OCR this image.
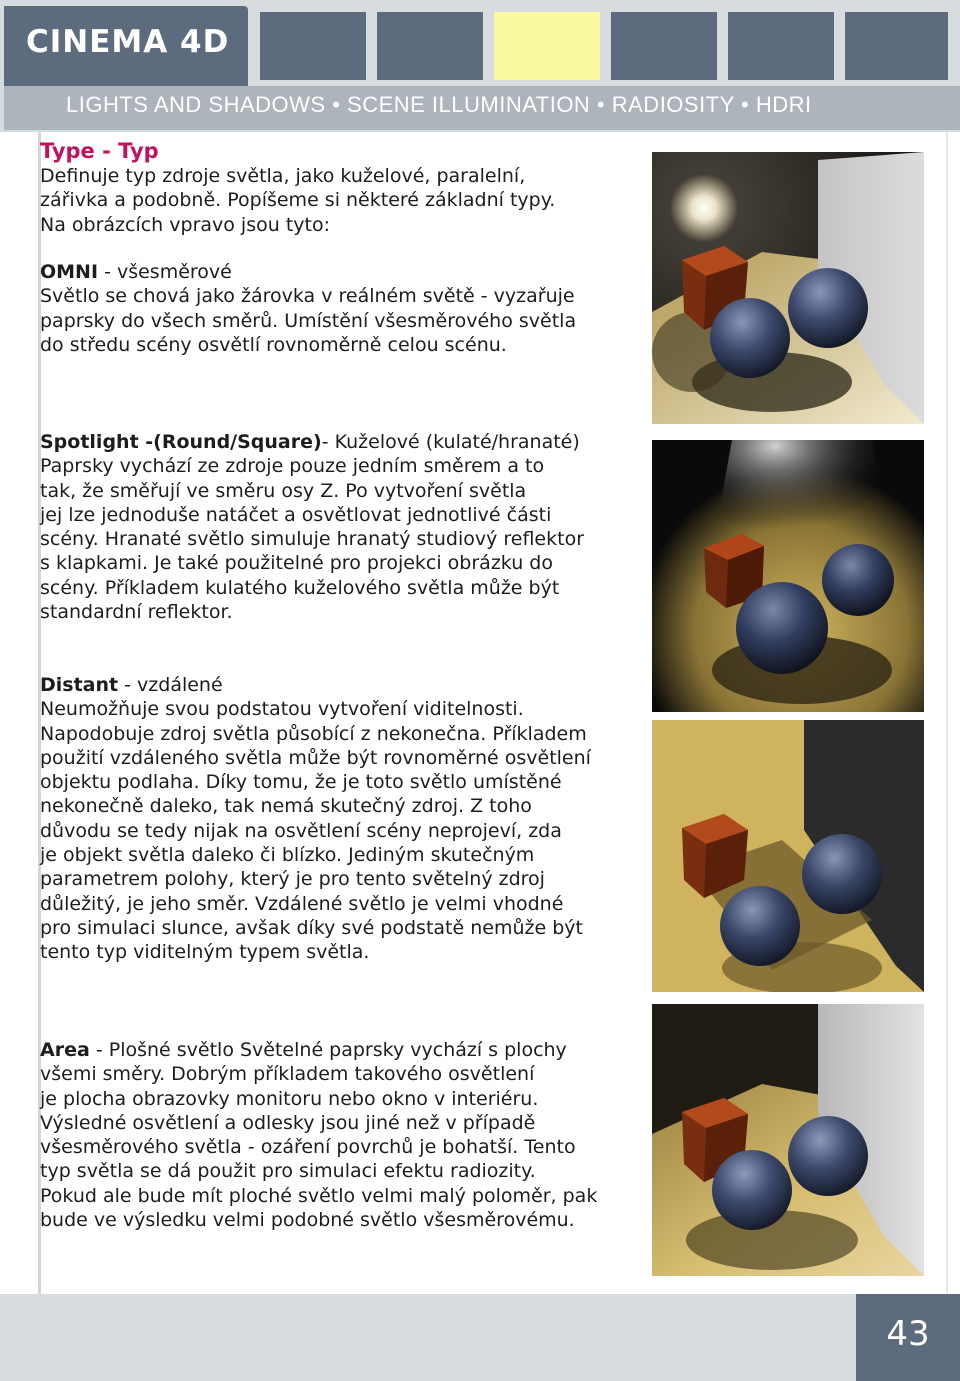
CINEMA 4D
LIGHTS AND SHADOWS • SCENE ILLUMINATION • RADIOSITY • HDRI

Type - Typ

Definuje typ zdroje světla, jako kuželové, paralelní,

zářivka a podobně. Popíšeme si některé základní typy.

Na obrázcích vpravo jsou tyto:

OMNI - všesměrové

Světlo se chová jako žárovka v reálném světě - vyzařuje

paprsky do všech směrů. Umístění všesměrového světla

do středu scény osvětlí rovnoměrně celou scénu.

Spotlight -(Round/Square)- Kuželové (kulaté/hranaté)

Paprsky vychází ze zdroje pouze jedním směrem a to

tak, že směřují ve směru osy Z. Po vytvoření světla

jej lze jednoduše natáčet a osvětlovat jednotlivé části

scény. Hranaté světlo simuluje hranatý studiový reflektor

s klapkami. Je také použitelné pro projekci obrázku do

scény. Příkladem kulatého kuželového světla může být

standardní reflektor.

Distant - vzdálené

Neumožňuje svou podstatou vytvoření viditelnosti.

Napodobuje zdroj světla působící z nekonečna. Příkladem

použití vzdáleného světla může být rovnoměrné osvětlení

objektu podlaha. Díky tomu, že je toto světlo umístěné

nekonečně daleko, tak nemá skutečný zdroj. Z toho

důvodu se tedy nijak na osvětlení scény neprojeví, zda

je objekt světla daleko či blízko. Jediným skutečným

parametrem polohy, který je pro tento světelný zdroj

důležitý, je jeho směr. Vzdálené světlo je velmi vhodné

pro simulaci slunce, avšak díky své podstatě nemůže být

tento typ viditelným typem světla.

Area - Plošné světlo Světelné paprsky vychází s plochy

všemi směry. Dobrým příkladem takového osvětlení

je plocha obrazovky monitoru nebo okno v interiéru.

Výsledné osvětlení a odlesky jsou jiné než v případě

všesměrového světla - ozáření povrchů je bohatší. Tento

typ světla se dá použit pro simulaci efektu radiozity.

Pokud ale bude mít ploché světlo velmi malý poloměr, pak

bude ve výsledku velmi podobné světlo všesměrovému.

43
